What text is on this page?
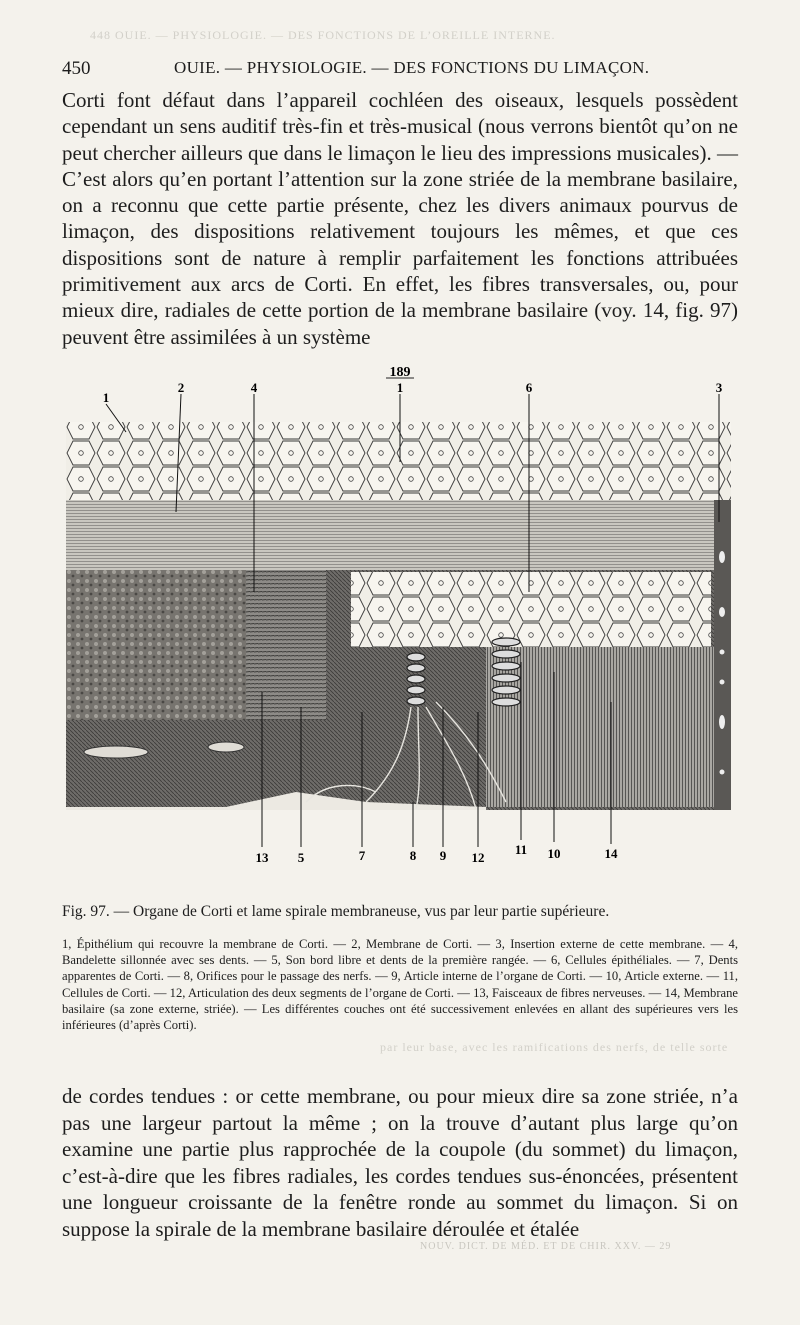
448 OUIE. — PHYSIOLOGIE. — DES FONCTIONS DE L’OREILLE INTERNE.
par leur base, avec les ramifications des nerfs, de telle sorte
450	OUIE. — PHYSIOLOGIE. — DES FONCTIONS DU LIMAÇON.
Corti font défaut dans l’appareil cochléen des oiseaux, lesquels possèdent cependant un sens auditif très-fin et très-musical (nous verrons bientôt qu’on ne peut chercher ailleurs que dans le limaçon le lieu des impressions musicales). — C’est alors qu’en portant l’attention sur la zone striée de la membrane basilaire, on a reconnu que cette partie présente, chez les divers animaux pourvus de limaçon, des dispositions relativement toujours les mêmes, et que ces dispositions sont de nature à remplir parfaitement les fonctions attribuées primitivement aux arcs de Corti. En effet, les fibres transversales, ou, pour mieux dire, radiales de cette portion de la membrane basilaire (voy. 14, fig. 97) peuvent être assimilées à un système
189
1
2	4	1	6	3
13 5	7	8 9 12
11 10	14
Fig. 97. — Organe de Corti et lame spirale membraneuse, vus par leur partie supérieure.
1, Épithélium qui recouvre la membrane de Corti. — 2, Membrane de Corti. — 3, Insertion externe de cette membrane. — 4, Bandelette sillonnée avec ses dents. — 5, Son bord libre et dents de la première rangée. — 6, Cellules épithéliales. — 7, Dents apparentes de Corti. — 8, Orifices pour le passage des nerfs. — 9, Article interne de l’organe de Corti. — 10, Article externe. — 11, Cellules de Corti. — 12, Articulation des deux segments de l’organe de Corti. — 13, Faisceaux de fibres nerveuses. — 14, Membrane basilaire (sa zone externe, striée). — Les différentes couches ont été successivement enlevées en allant des supérieures vers les inférieures (d’après Corti).
de cordes tendues : or cette membrane, ou pour mieux dire sa zone striée, n’a pas une largeur partout la même ; on la trouve d’autant plus large qu’on examine une partie plus rapprochée de la coupole (du sommet) du limaçon, c’est-à-dire que les fibres radiales, les cordes tendues sus-énoncées, présentent une longueur croissante de la fenêtre ronde au sommet du limaçon. Si on suppose la spirale de la membrane basilaire déroulée et étalée
NOUV. DICT. DE MÉD. ET DE CHIR. XXV. — 29
